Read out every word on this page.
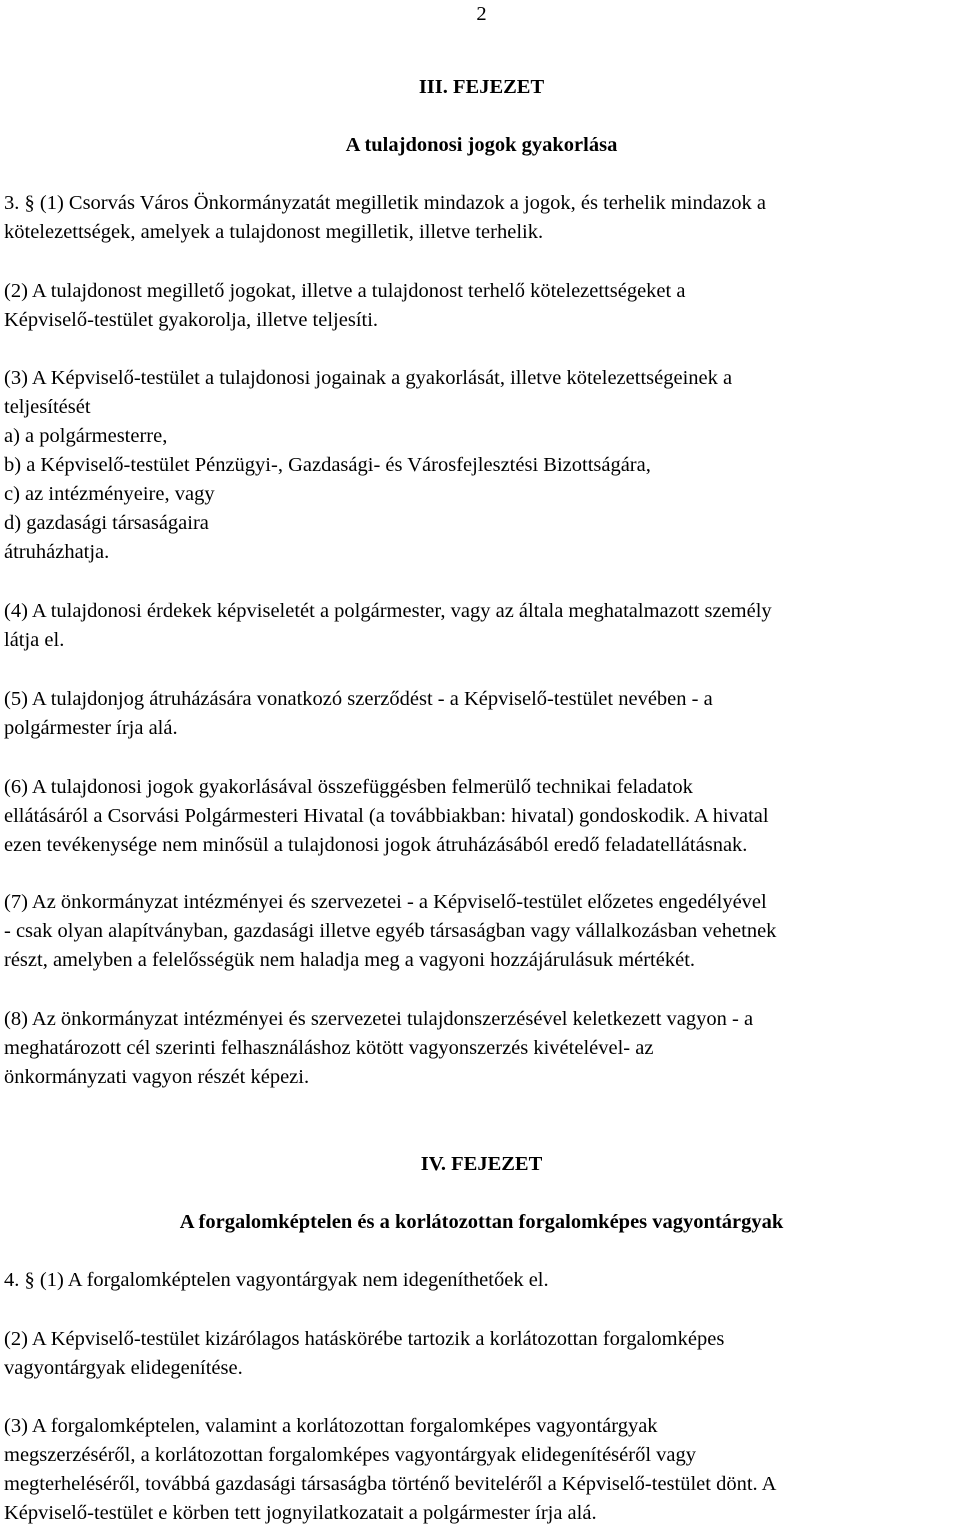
2
III. FEJEZET
A tulajdonosi jogok gyakorlása
3. § (1) Csorvás Város Önkormányzatát megilletik mindazok a jogok, és terhelik mindazok a
kötelezettségek, amelyek a tulajdonost megilletik, illetve terhelik.
(2) A tulajdonost megillető jogokat, illetve a tulajdonost terhelő kötelezettségeket a
Képviselő-testület gyakorolja, illetve teljesíti.
(3) A Képviselő-testület a tulajdonosi jogainak a gyakorlását, illetve kötelezettségeinek a
teljesítését
a) a polgármesterre,
b) a Képviselő-testület Pénzügyi-, Gazdasági- és Városfejlesztési Bizottságára,
c) az intézményeire, vagy
d) gazdasági társaságaira
átruházhatja.
(4) A tulajdonosi érdekek képviseletét a polgármester, vagy az általa meghatalmazott személy
látja el.
(5) A tulajdonjog átruházására vonatkozó szerződést - a Képviselő-testület nevében - a
polgármester írja alá.
(6) A tulajdonosi jogok gyakorlásával összefüggésben felmerülő technikai feladatok
ellátásáról a Csorvási Polgármesteri Hivatal (a továbbiakban: hivatal) gondoskodik. A hivatal
ezen tevékenysége nem minősül a tulajdonosi jogok átruházásából eredő feladatellátásnak.
(7) Az önkormányzat intézményei és szervezetei - a Képviselő-testület előzetes engedélyével
- csak olyan alapítványban, gazdasági illetve egyéb társaságban vagy vállalkozásban vehetnek
részt, amelyben a felelősségük nem haladja meg a vagyoni hozzájárulásuk mértékét.
(8) Az önkormányzat intézményei és szervezetei tulajdonszerzésével keletkezett vagyon - a
meghatározott cél szerinti felhasználáshoz kötött vagyonszerzés kivételével- az
önkormányzati vagyon részét képezi.
IV. FEJEZET
A forgalomképtelen és a korlátozottan forgalomképes vagyontárgyak
4. § (1) A forgalomképtelen vagyontárgyak nem idegeníthetőek el.
(2) A Képviselő-testület kizárólagos hatáskörébe tartozik a korlátozottan forgalomképes
vagyontárgyak elidegenítése.
(3) A forgalomképtelen, valamint a korlátozottan forgalomképes vagyontárgyak
megszerzéséről, a korlátozottan forgalomképes vagyontárgyak elidegenítéséről vagy
megterheléséről, továbbá gazdasági társaságba történő beviteléről a Képviselő-testület dönt. A
Képviselő-testület e körben tett jognyilatkozatait a polgármester írja alá.
